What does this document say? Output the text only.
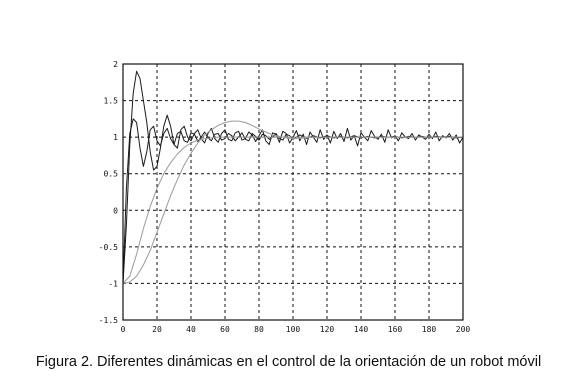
-1.5
-1
-0.5
0
0.5
1
1.5
2
0	20	40	60	80	100 120 140 160 180 200
Figura 2. Diferentes dinámicas en el control de la orientación de un robot móvil
